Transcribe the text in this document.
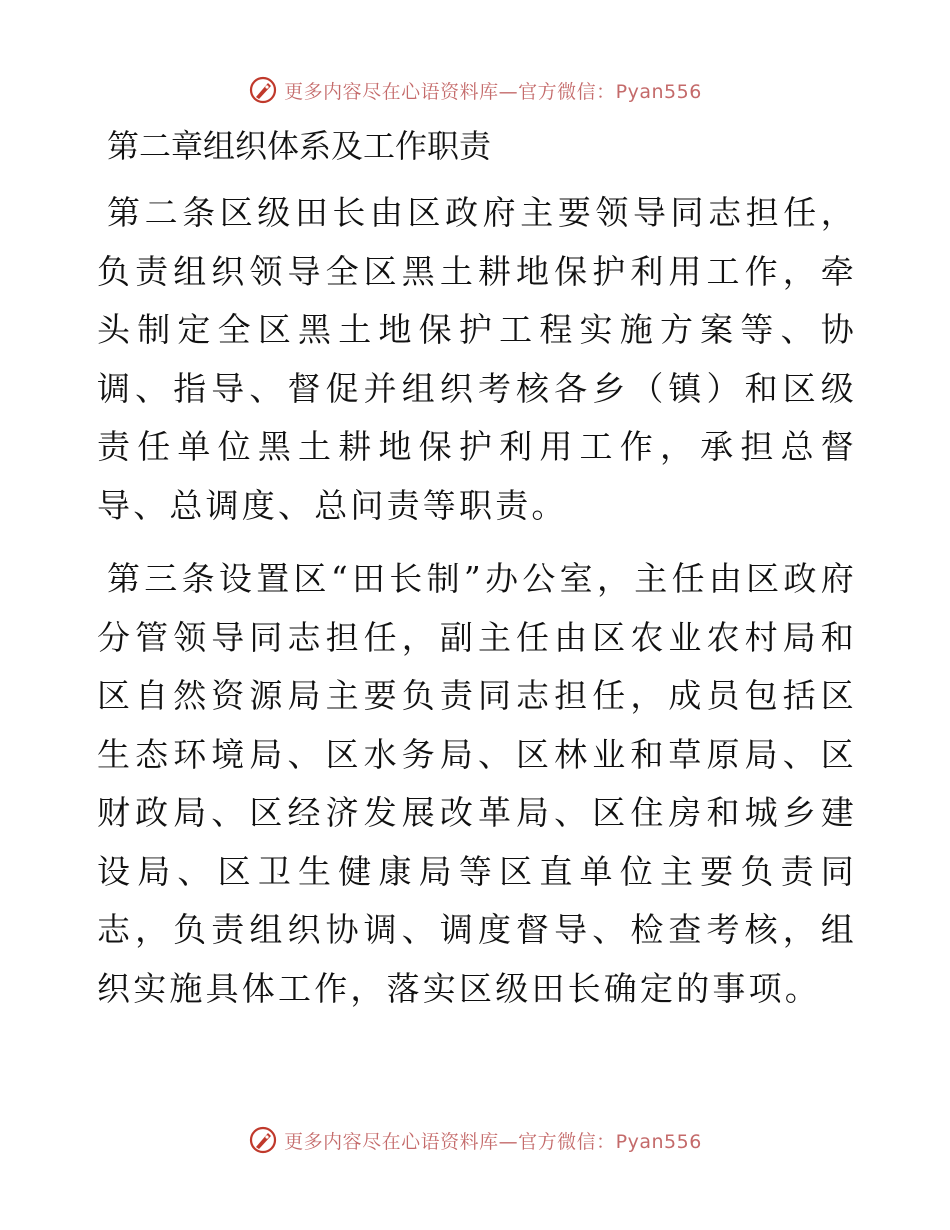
更多内容尽在心语资料库—官方微信：Pyan556
第二章组织体系及工作职责

第二条区级田长由区政府主要领导同志担任，负责组织领导全区黑土耕地保护利用工作，牵头制定全区黑土地保护工程实施方案等、协调、指导、督促并组织考核各乡（镇）和区级责任单位黑土耕地保护利用工作，承担总督导、总调度、总问责等职责。

第三条设置区“田长制”办公室，主任由区政府分管领导同志担任，副主任由区农业农村局和区自然资源局主要负责同志担任，成员包括区生态环境局、区水务局、区林业和草原局、区财政局、区经济发展改革局、区住房和城乡建设局、区卫生健康局等区直单位主要负责同志，负责组织协调、调度督导、检查考核，组织实施具体工作，落实区级田长确定的事项。

更多内容尽在心语资料库—官方微信：Pyan556
